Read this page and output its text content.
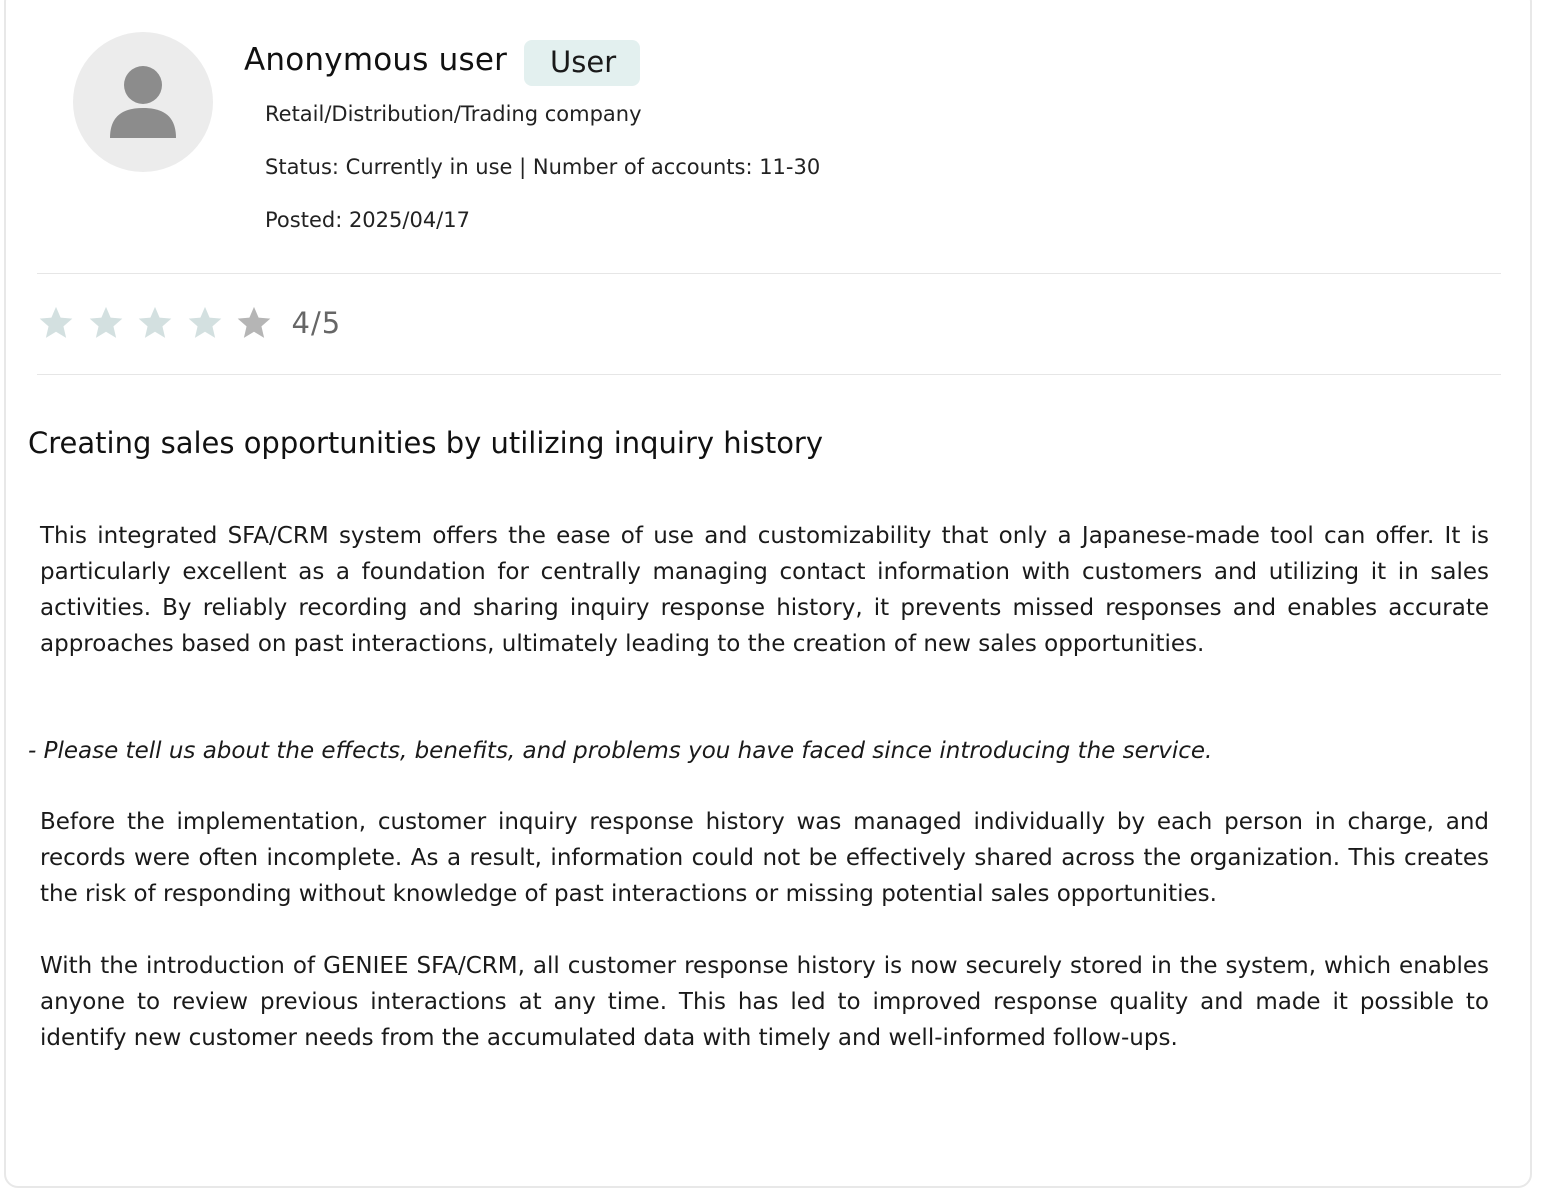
Anonymous user	User
Retail/Distribution/Trading company
Status: Currently in use | Number of accounts: 11-30
Posted: 2025/04/17
4/5
Creating sales opportunities by utilizing inquiry history

This integrated SFA/CRM system offers the ease of use and customizability that only a Japanese-made tool can offer. It is particularly excellent as a foundation for centrally managing contact information with customers and utilizing it in sales activities. By reliably recording and sharing inquiry response history, it prevents missed responses and enables accurate approaches based on past interactions, ultimately leading to the creation of new sales opportunities.

- Please tell us about the effects, benefits, and problems you have faced since introducing the service.

Before the implementation, customer inquiry response history was managed individually by each person in charge, and records were often incomplete. As a result, information could not be effectively shared across the organization. This creates the risk of responding without knowledge of past interactions or missing potential sales opportunities.

With the introduction of GENIEE SFA/CRM, all customer response history is now securely stored in the system, which enables anyone to review previous interactions at any time. This has led to improved response quality and made it possible to identify new customer needs from the accumulated data with timely and well-informed follow-ups.
